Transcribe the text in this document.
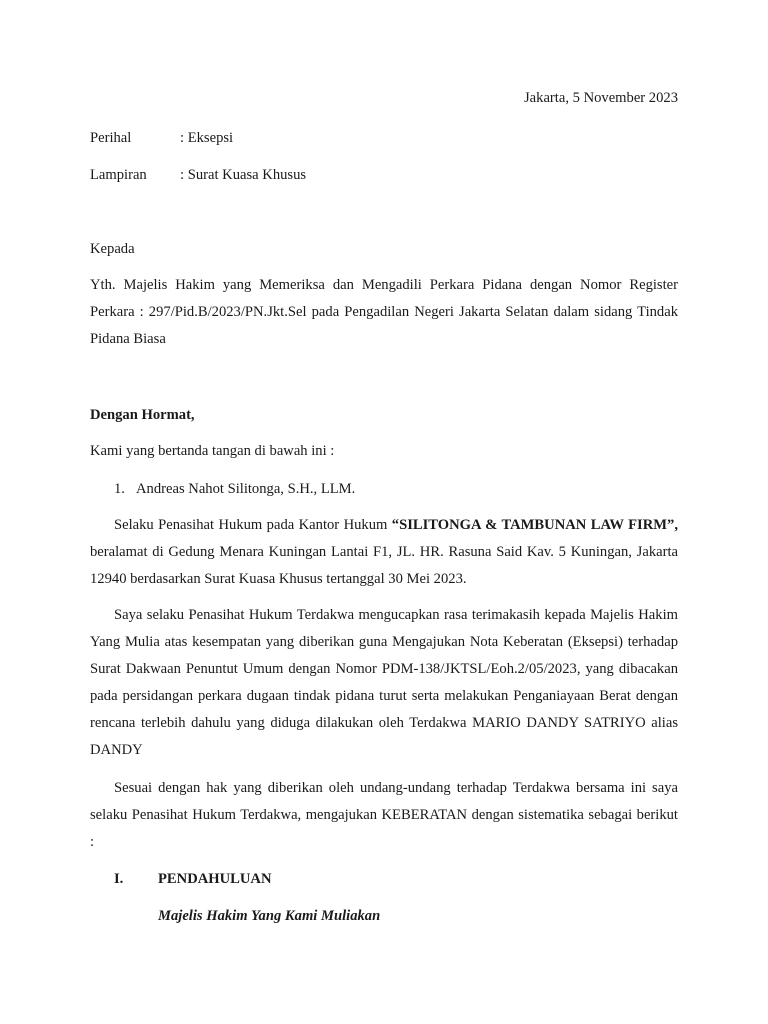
Jakarta, 5 November 2023
Perihal	: Eksepsi
Lampiran : Surat Kuasa Khusus
Kepada
Yth. Majelis Hakim yang Memeriksa dan Mengadili Perkara Pidana dengan Nomor Register Perkara : 297/Pid.B/2023/PN.Jkt.Sel pada Pengadilan Negeri Jakarta Selatan dalam sidang Tindak Pidana Biasa
Dengan Hormat,
Kami yang bertanda tangan di bawah ini :
1. Andreas Nahot Silitonga, S.H., LLM.
Selaku Penasihat Hukum pada Kantor Hukum “SILITONGA & TAMBUNAN LAW FIRM”, beralamat di Gedung Menara Kuningan Lantai F1, JL. HR. Rasuna Said Kav. 5 Kuningan, Jakarta 12940 berdasarkan Surat Kuasa Khusus tertanggal 30 Mei 2023.
Saya selaku Penasihat Hukum Terdakwa mengucapkan rasa terimakasih kepada Majelis Hakim Yang Mulia atas kesempatan yang diberikan guna Mengajukan Nota Keberatan (Eksepsi) terhadap Surat Dakwaan Penuntut Umum dengan Nomor PDM-138/JKTSL/Eoh.2/05/2023, yang dibacakan pada persidangan perkara dugaan tindak pidana turut serta melakukan Penganiayaan Berat dengan rencana terlebih dahulu yang diduga dilakukan oleh Terdakwa MARIO DANDY SATRIYO alias DANDY
Sesuai dengan hak yang diberikan oleh undang-undang terhadap Terdakwa bersama ini saya selaku Penasihat Hukum Terdakwa, mengajukan KEBERATAN dengan sistematika sebagai berikut :
I. PENDAHULUAN
Majelis Hakim Yang Kami Muliakan
